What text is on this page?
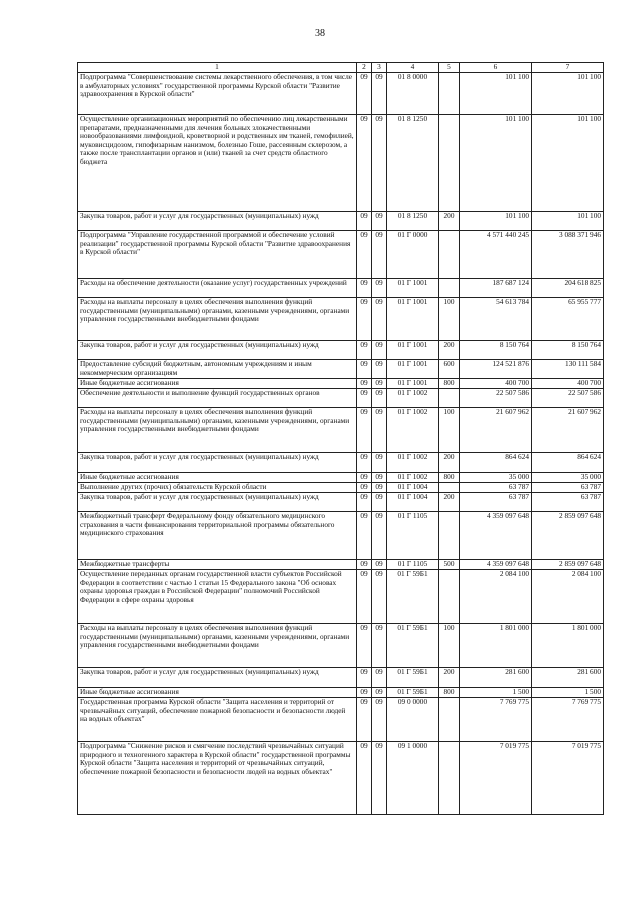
38
1	2	3	4	5	6	7
Подпрограмма "Совершенствование системы лекарственного обеспечения, в том числе в амбулаторных условиях" государственной программы Курской области "Развитие здравоохранения в Курской области"	09	09	01 8 0000		101 100	101 100
Осуществление организационных мероприятий по обеспечению лиц лекарственными препаратами, предназначенными для лечения больных злокачественными новообразованиями лимфоидной, кроветворной и родственных им тканей, гемофилией, муковисцидозом, гипофизарным нанизмом, болезнью Гоше, рассеянным склерозом, а также после трансплантации органов и (или) тканей за счет средств областного бюджета	09	09	01 8 1250		101 100	101 100
Закупка товаров, работ и услуг для государственных (муниципальных) нужд	09	09	01 8 1250	200	101 100	101 100
Подпрограмма "Управление государственной программой и обеспечение условий реализации" государственной программы Курской области "Развитие здравоохранения в Курской области"	09	09	01 Г 0000		4 571 440 245	3 088 371 946
Расходы на обеспечение деятельности (оказание услуг) государственных учреждений	09	09	01 Г 1001		187 687 124	204 618 825
Расходы на выплаты персоналу в целях обеспечения выполнения функций государственными (муниципальными) органами, казенными учреждениями, органами управления государственными внебюджетными фондами	09	09	01 Г 1001	100	54 613 784	65 955 777
Закупка товаров, работ и услуг для государственных (муниципальных) нужд	09	09	01 Г 1001	200	8 150 764	8 150 764
Предоставление субсидий бюджетным, автономным учреждениям и иным некоммерческим организациям	09	09	01 Г 1001	600	124 521 876	130 111 584
Иные бюджетные ассигнования	09	09	01 Г 1001	800	400 700	400 700
Обеспечение деятельности и выполнение функций государственных органов	09	09	01 Г 1002		22 507 586	22 507 586
Расходы на выплаты персоналу в целях обеспечения выполнения функций государственными (муниципальными) органами, казенными учреждениями, органами управления государственными внебюджетными фондами	09	09	01 Г 1002	100	21 607 962	21 607 962
Закупка товаров, работ и услуг для государственных (муниципальных) нужд	09	09	01 Г 1002	200	864 624	864 624
Иные бюджетные ассигнования	09	09	01 Г 1002	800	35 000	35 000
Выполнение других (прочих) обязательств Курской области	09	09	01 Г 1004		63 787	63 787
Закупка товаров, работ и услуг для государственных (муниципальных) нужд	09	09	01 Г 1004	200	63 787	63 787
Межбюджетный трансферт Федеральному фонду обязательного медицинского страхования в части финансирования территориальной программы обязательного медицинского страхования	09	09	01 Г 1105		4 359 097 648	2 859 097 648
Межбюджетные трансферты	09	09	01 Г 1105	500	4 359 097 648	2 859 097 648
Осуществление переданных органам государственной власти субъектов Российской Федерации в соответствии с частью 1 статьи 15 Федерального закона "Об основах охраны здоровья граждан в Российской Федерации" полномочий Российской Федерации в сфере охраны здоровья	09	09	01 Г 59Б1		2 084 100	2 084 100
Расходы на выплаты персоналу в целях обеспечения выполнения функций государственными (муниципальными) органами, казенными учреждениями, органами управления государственными внебюджетными фондами	09	09	01 Г 59Б1	100	1 801 000	1 801 000
Закупка товаров, работ и услуг для государственных (муниципальных) нужд	09	09	01 Г 59Б1	200	281 600	281 600
Иные бюджетные ассигнования	09	09	01 Г 59Б1	800	1 500	1 500
Государственная программа Курской области "Защита населения и территорий от чрезвычайных ситуаций, обеспечение пожарной безопасности и безопасности людей на водных объектах"	09	09	09 0 0000		7 769 775	7 769 775
Подпрограмма "Снижение рисков и смягчение последствий чрезвычайных ситуаций природного и техногенного характера в Курской области" государственной программы Курской области "Защита населения и территорий от чрезвычайных ситуаций, обеспечение пожарной безопасности и безопасности людей на водных объектах"	09	09	09 1 0000		7 019 775	7 019 775
